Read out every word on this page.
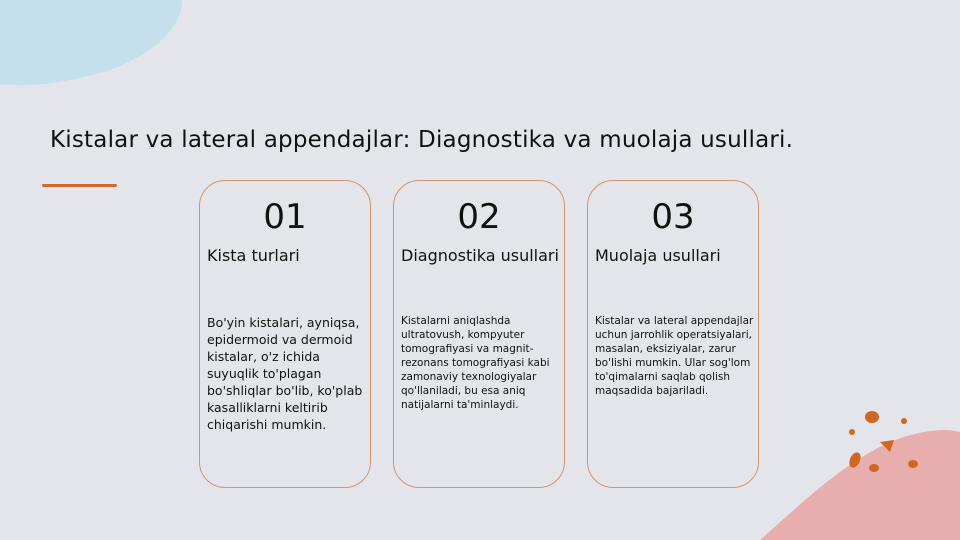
Kistalar va lateral appendajlar: Diagnostika va muolaja usullari.
01
Kista turlari
Bo'yin kistalari, ayniqsa, epidermoid va dermoid kistalar, o'z ichida suyuqlik to'plagan bo'shliqlar bo'lib, ko'plab kasalliklarni keltirib chiqarishi mumkin.
02
Diagnostika usullari
Kistalarni aniqlashda ultratovush, kompyuter tomografiyasi va magnit-rezonans tomografiyasi kabi zamonaviy texnologiyalar qo'llaniladi, bu esa aniq natijalarni ta'minlaydi.
03
Muolaja usullari
Kistalar va lateral appendajlar uchun jarrohlik operatsiyalari, masalan, eksiziyalar, zarur bo'lishi mumkin. Ular sog'lom to'qimalarni saqlab qolish maqsadida bajariladi.
